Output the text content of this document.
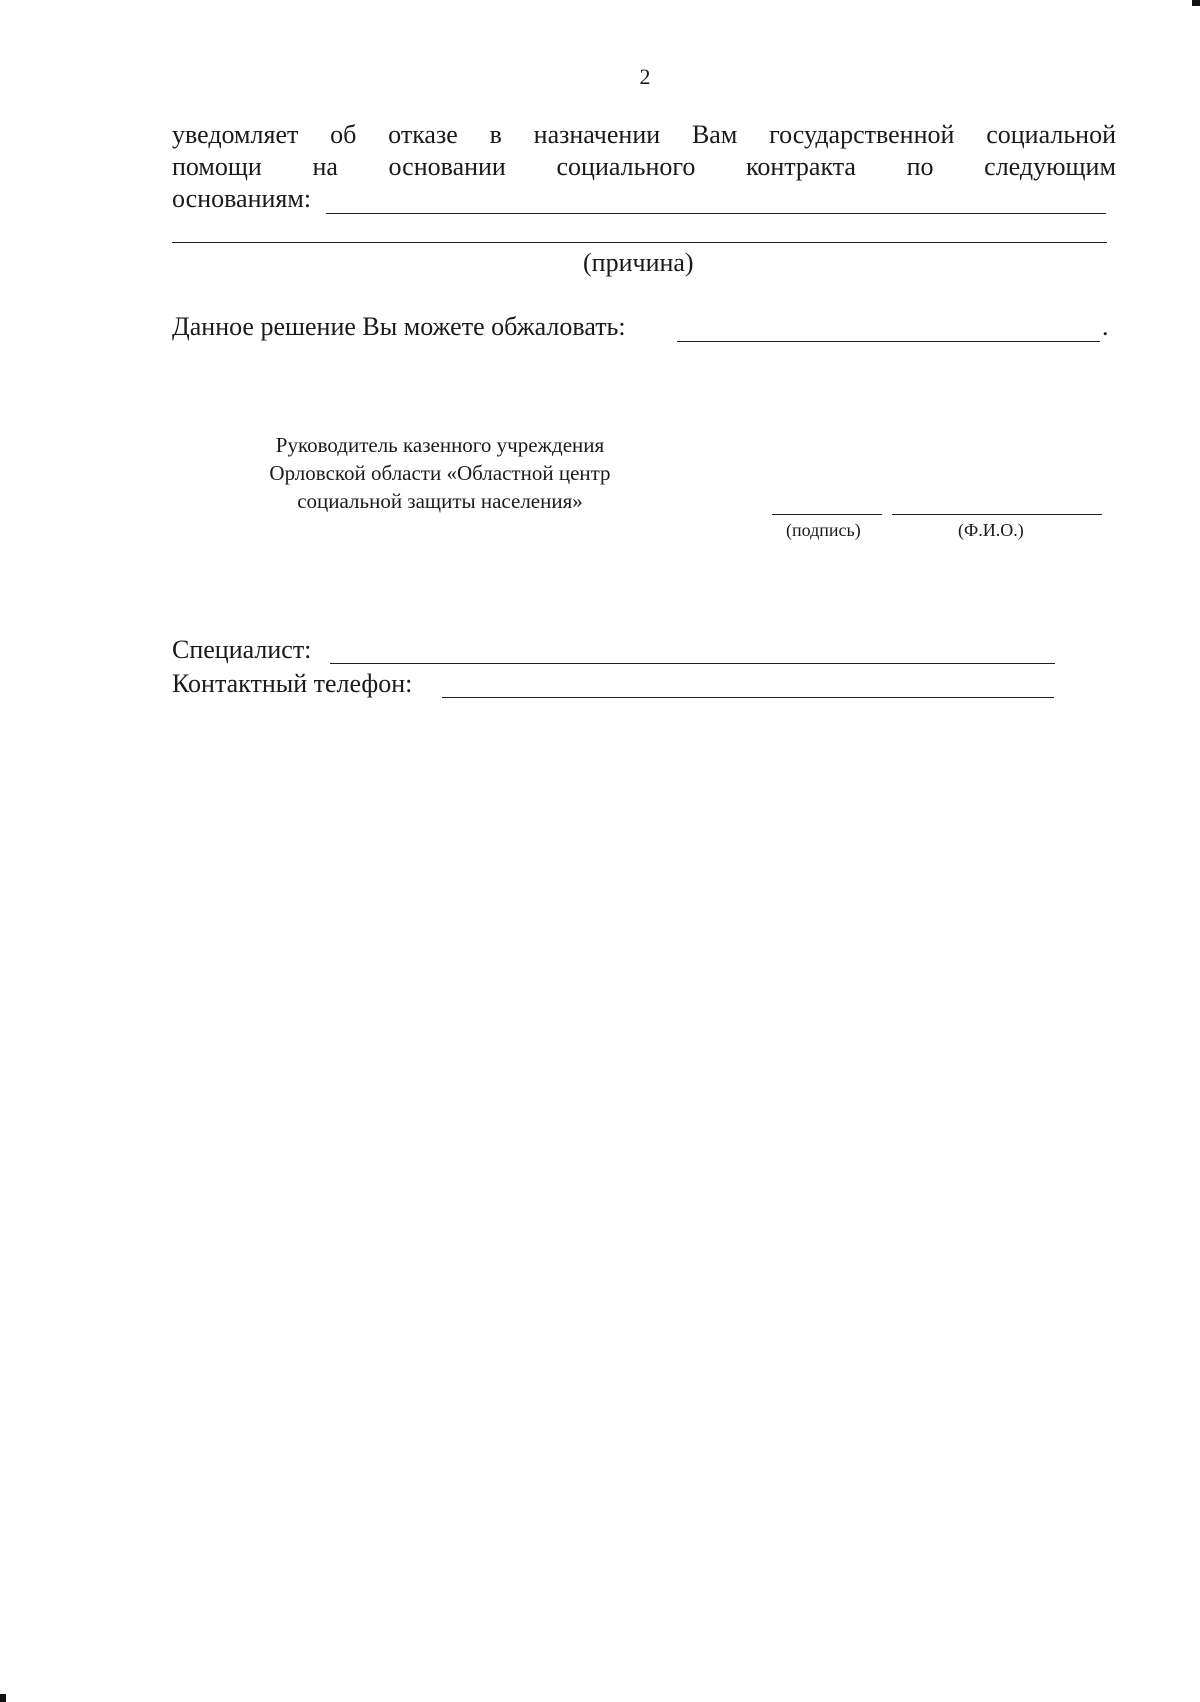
2
уведомляет об отказе в назначении Вам государственной социальной
помощи на основании социального контракта по следующим
основаниям:
(причина)
Данное решение Вы можете обжаловать:	.
Руководитель казенного учреждения
Орловской области «Областной центр
социальной защиты населения»
(подпись)	(Ф.И.О.)
Специалист:
Контактный телефон:
